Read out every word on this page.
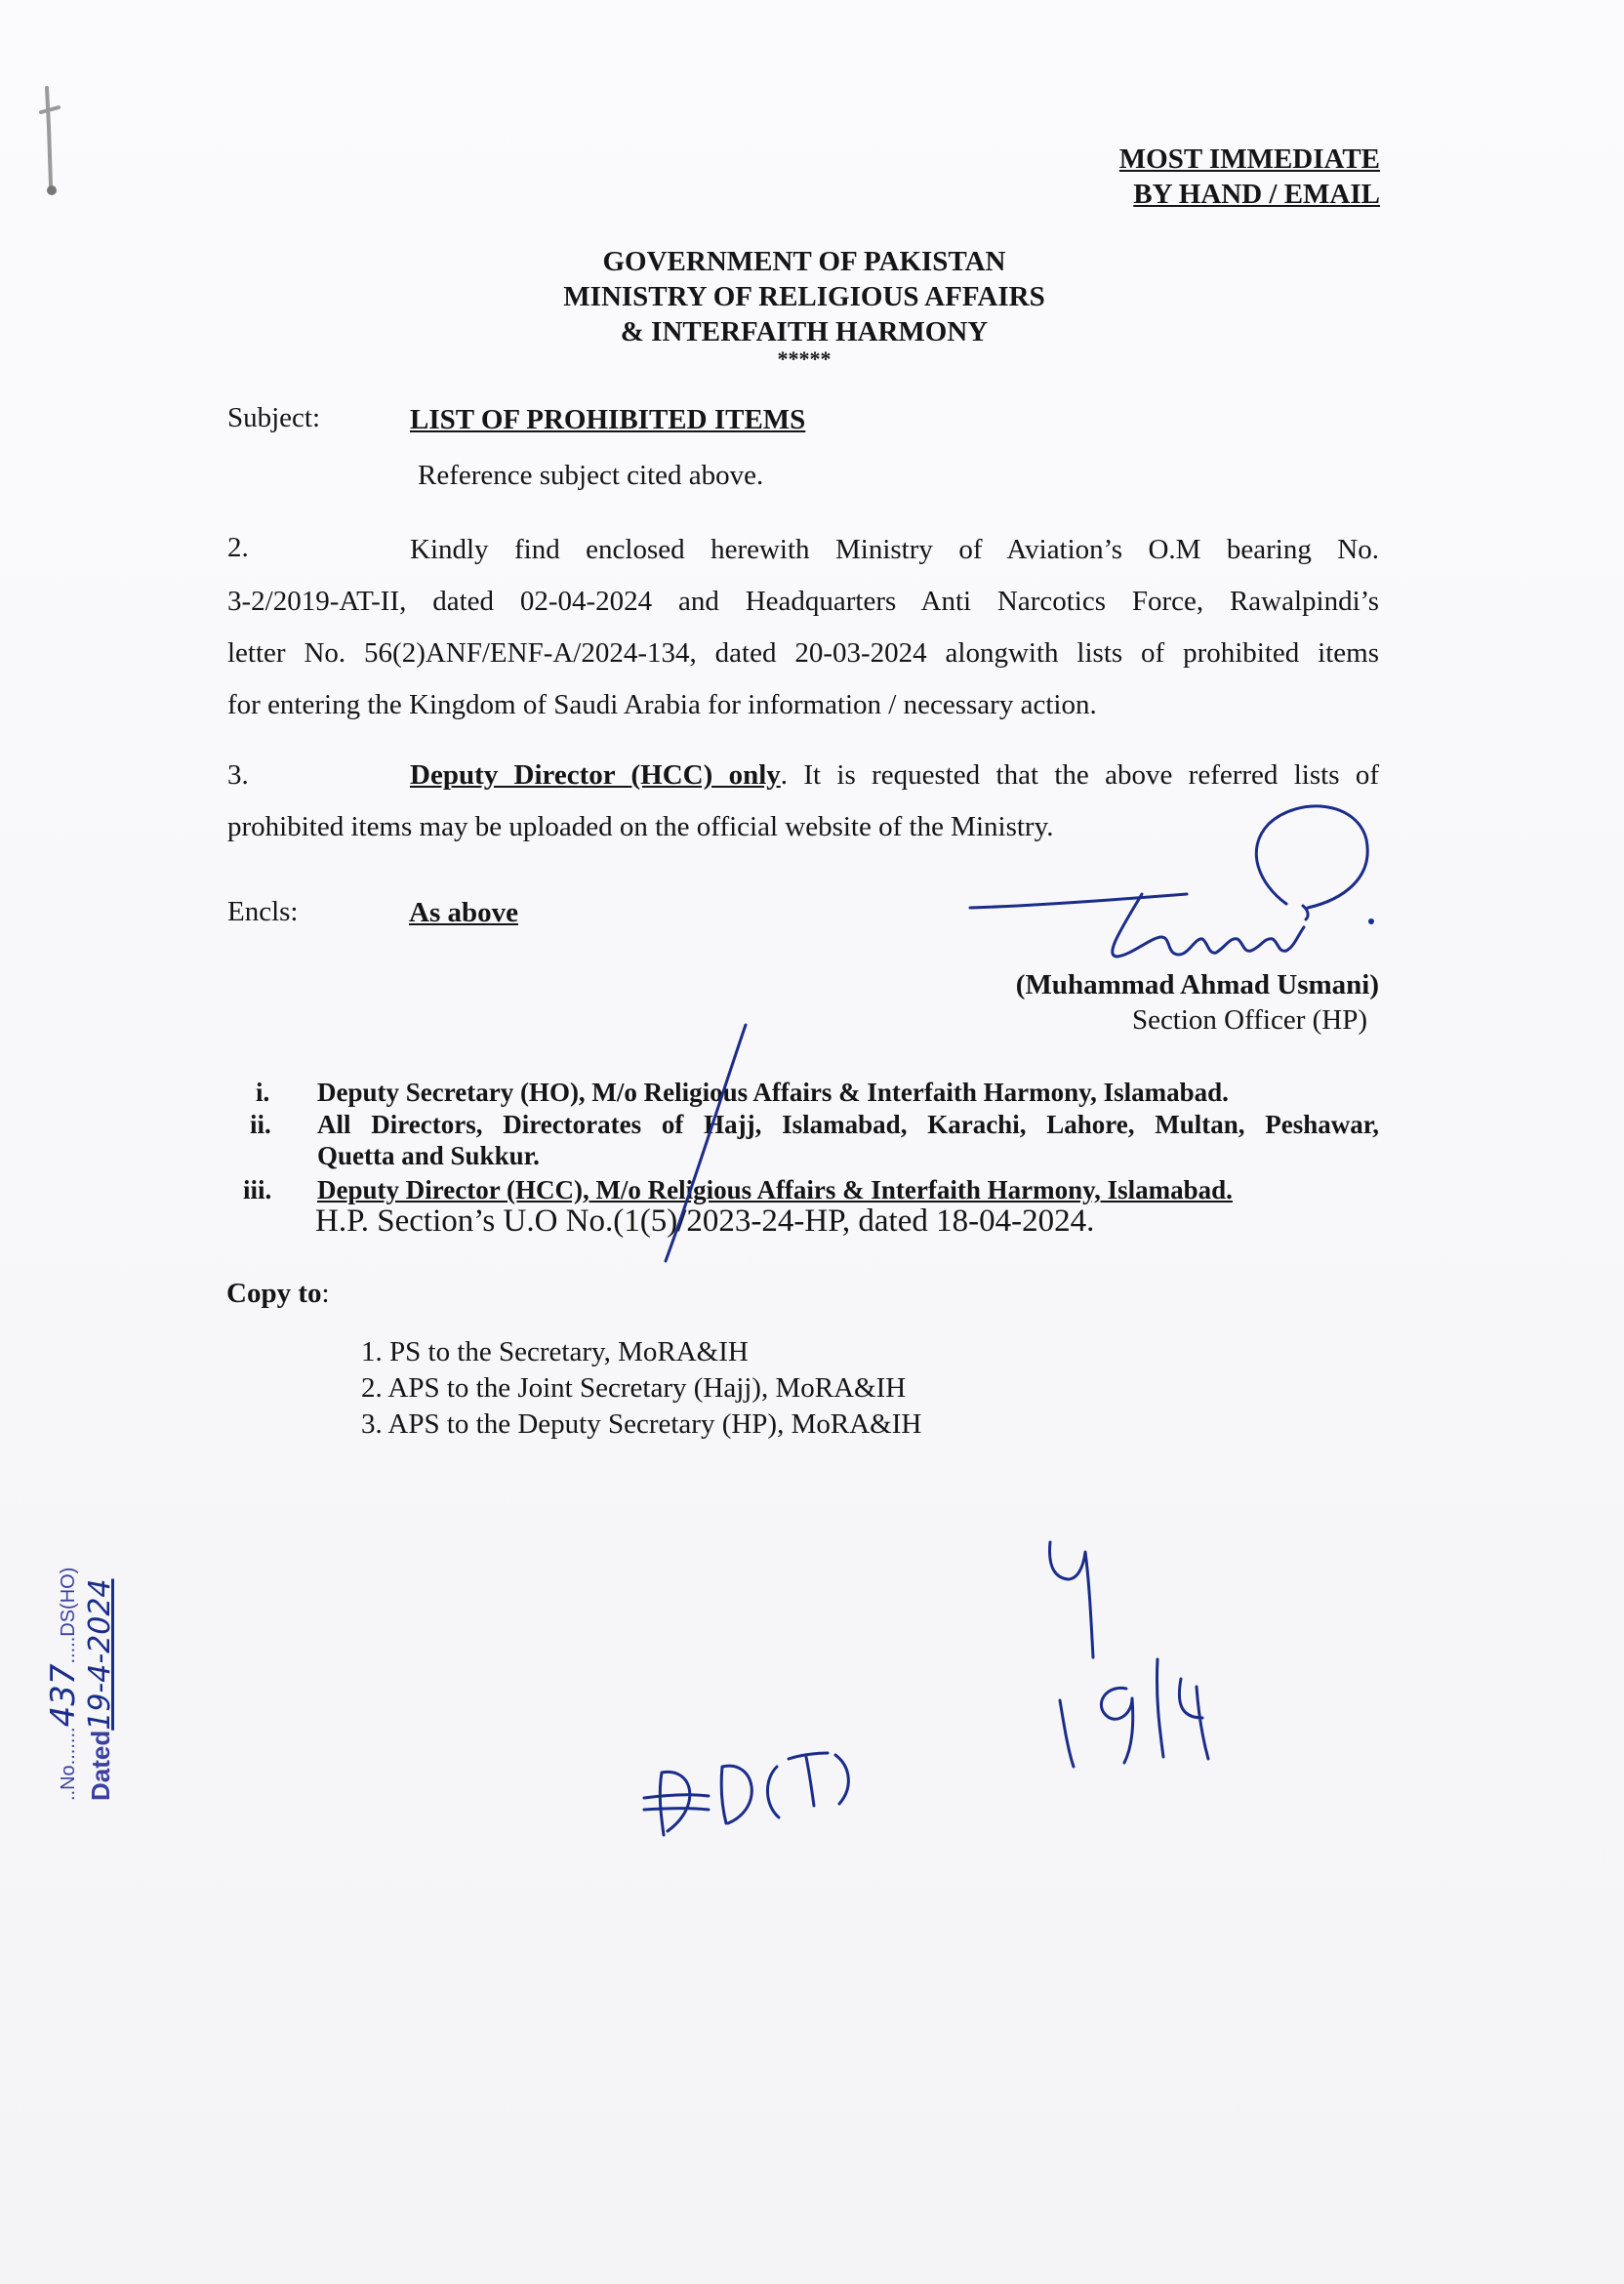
MOST IMMEDIATE
BY HAND / EMAIL
GOVERNMENT OF PAKISTAN
MINISTRY OF RELIGIOUS AFFAIRS
& INTERFAITH HARMONY
*****
Subject:	LIST OF PROHIBITED ITEMS
Reference subject cited above.
2.	Kindly find enclosed herewith Ministry of Aviation’s O.M bearing No.
3-2/2019-AT-II, dated 02-04-2024 and Headquarters Anti Narcotics Force, Rawalpindi’s
letter No. 56(2)ANF/ENF-A/2024-134, dated 20-03-2024 alongwith lists of prohibited items
for entering the Kingdom of Saudi Arabia for information / necessary action.
3.	Deputy Director (HCC) only. It is requested that the above referred lists of
prohibited items may be uploaded on the official website of the Ministry.
Encls:	As above
(Muhammad Ahmad Usmani)
Section Officer (HP)
i.	Deputy Secretary (HO), M/o Religious Affairs & Interfaith Harmony, Islamabad.
ii.	All Directors, Directorates of Hajj, Islamabad, Karachi, Lahore, Multan, Peshawar,
Quetta and Sukkur.
iii.	Deputy Director (HCC), M/o Religious Affairs & Interfaith Harmony, Islamabad.
H.P. Section’s U.O No.(1(5)/2023-24-HP, dated 18-04-2024.
Copy to:
1. PS to the Secretary, MoRA&IH
2. APS to the Joint Secretary (Hajj), MoRA&IH
3. APS to the Deputy Secretary (HP), MoRA&IH
..No.......437.....DS(HO)
Dated19-4-2024
